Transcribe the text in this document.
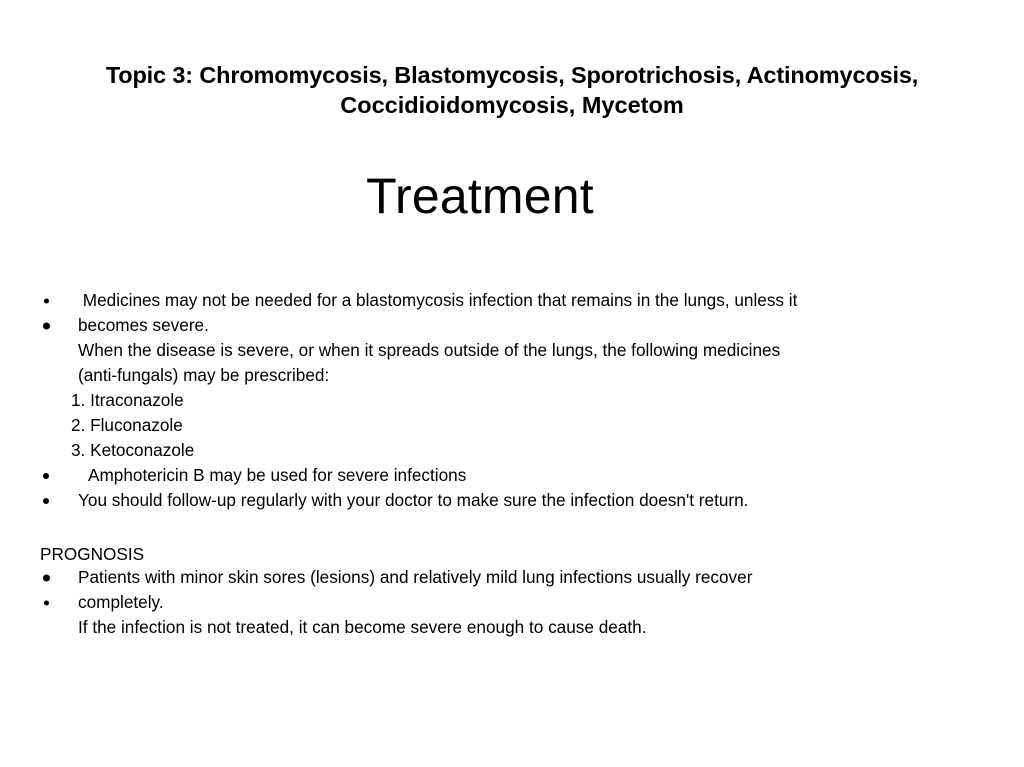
Topic 3: Chromomycosis, Blastomycosis, Sporotrichosis, Actinomycosis,
Coccidioidomycosis, Mycetom
Treatment
Medicines may not be needed for a blastomycosis infection that remains in the lungs, unless it
becomes severe.
When the disease is severe, or when it spreads outside of the lungs, the following medicines
(anti-fungals) may be prescribed:
1. Itraconazole
2. Fluconazole
3. Ketoconazole
Amphotericin B may be used for severe infections
You should follow-up regularly with your doctor to make sure the infection doesn't return.
PROGNOSIS
Patients with minor skin sores (lesions) and relatively mild lung infections usually recover
completely.
If the infection is not treated, it can become severe enough to cause death.
